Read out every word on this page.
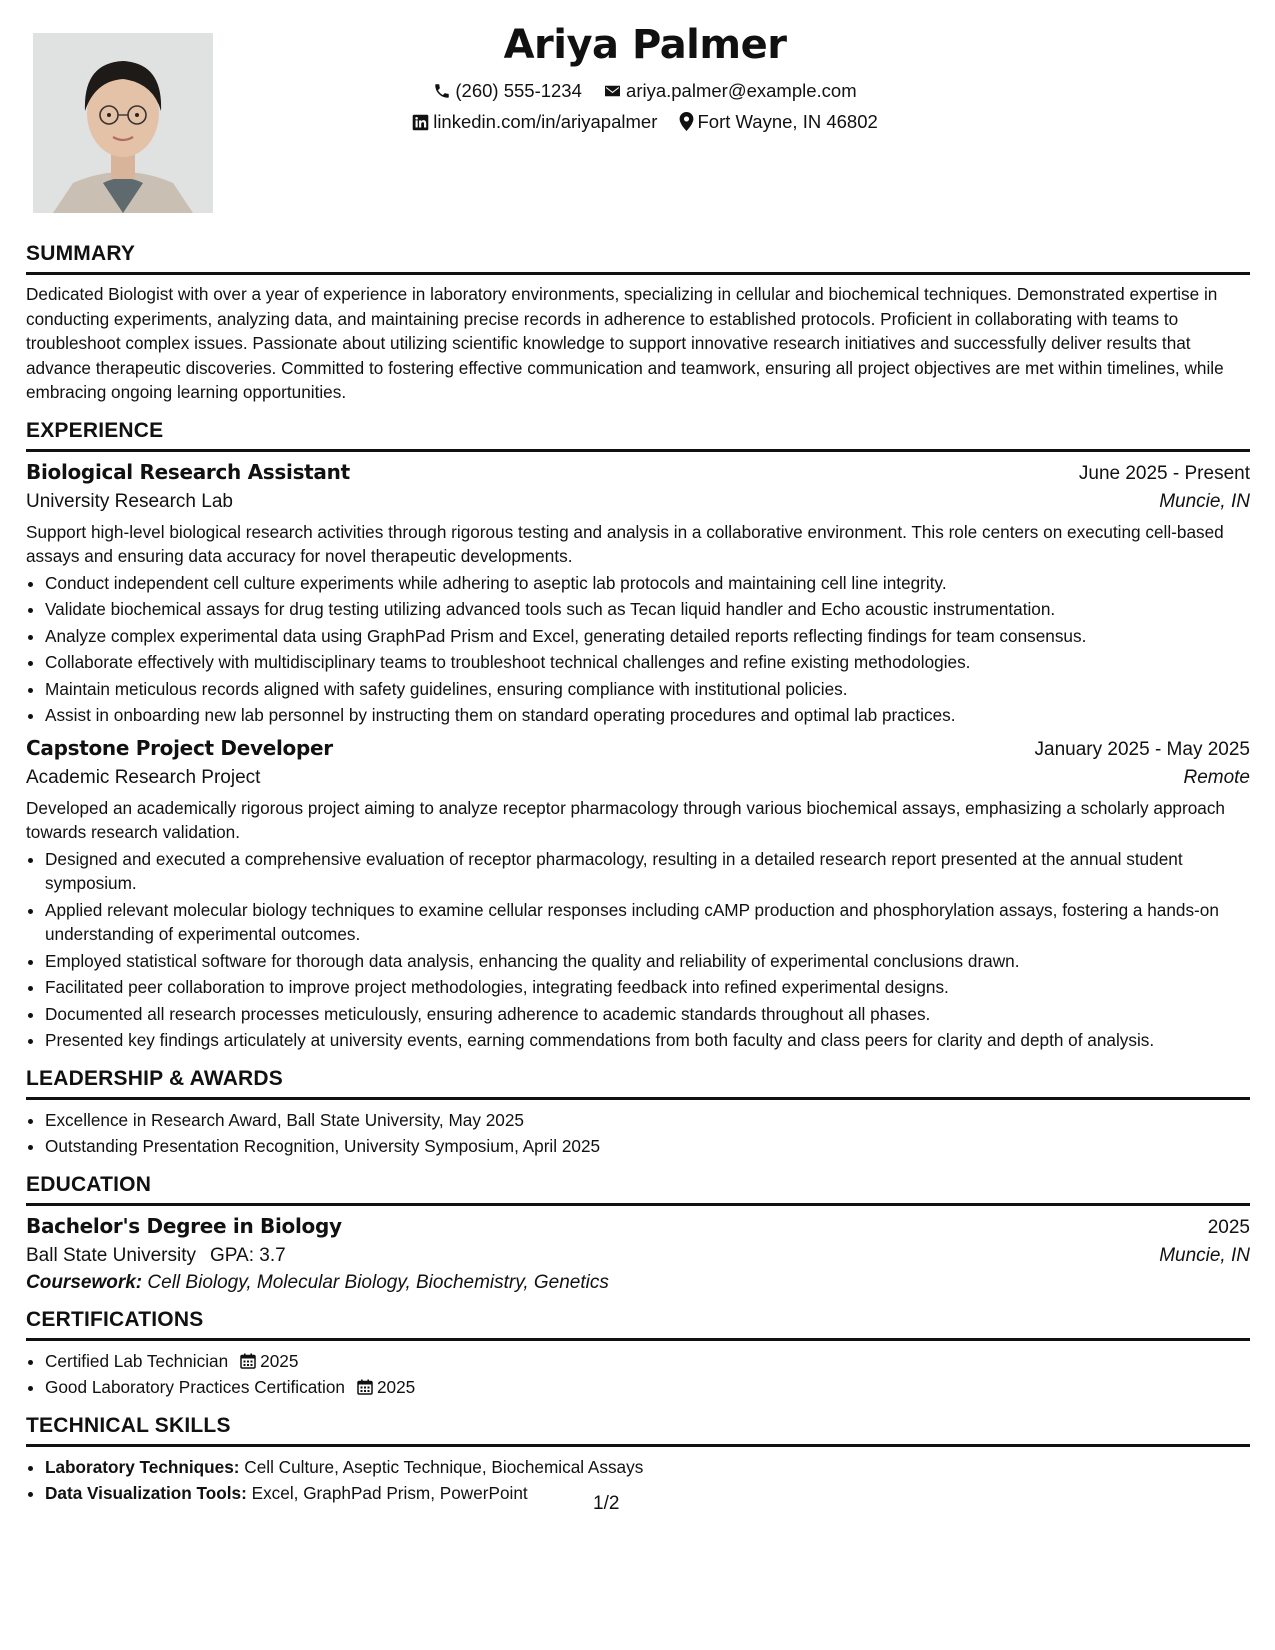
Ariya Palmer
(260) 555-1234 ariya.palmer@example.com
linkedin.com/in/ariyapalmer Fort Wayne, IN 46802
SUMMARY
Dedicated Biologist with over a year of experience in laboratory environments, specializing in cellular and biochemical techniques. Demonstrated expertise in conducting experiments, analyzing data, and maintaining precise records in adherence to established protocols. Proficient in collaborating with teams to troubleshoot complex issues. Passionate about utilizing scientific knowledge to support innovative research initiatives and successfully deliver results that advance therapeutic discoveries. Committed to fostering effective communication and teamwork, ensuring all project objectives are met within timelines, while embracing ongoing learning opportunities.
EXPERIENCE
Biological Research Assistant	June 2025 - Present
University Research Lab	Muncie, IN
Support high-level biological research activities through rigorous testing and analysis in a collaborative environment. This role centers on executing cell-based assays and ensuring data accuracy for novel therapeutic developments.
• Conduct independent cell culture experiments while adhering to aseptic lab protocols and maintaining cell line integrity.
• Validate biochemical assays for drug testing utilizing advanced tools such as Tecan liquid handler and Echo acoustic instrumentation.
• Analyze complex experimental data using GraphPad Prism and Excel, generating detailed reports reflecting findings for team consensus.
• Collaborate effectively with multidisciplinary teams to troubleshoot technical challenges and refine existing methodologies.
• Maintain meticulous records aligned with safety guidelines, ensuring compliance with institutional policies.
• Assist in onboarding new lab personnel by instructing them on standard operating procedures and optimal lab practices.
Capstone Project Developer	January 2025 - May 2025
Academic Research Project	Remote
Developed an academically rigorous project aiming to analyze receptor pharmacology through various biochemical assays, emphasizing a scholarly approach towards research validation.
• Designed and executed a comprehensive evaluation of receptor pharmacology, resulting in a detailed research report presented at the annual student symposium.
• Applied relevant molecular biology techniques to examine cellular responses including cAMP production and phosphorylation assays, fostering a hands-on understanding of experimental outcomes.
• Employed statistical software for thorough data analysis, enhancing the quality and reliability of experimental conclusions drawn.
• Facilitated peer collaboration to improve project methodologies, integrating feedback into refined experimental designs.
• Documented all research processes meticulously, ensuring adherence to academic standards throughout all phases.
• Presented key findings articulately at university events, earning commendations from both faculty and class peers for clarity and depth of analysis.
LEADERSHIP & AWARDS
• Excellence in Research Award, Ball State University, May 2025
• Outstanding Presentation Recognition, University Symposium, April 2025
EDUCATION
Bachelor's Degree in Biology	2025
Ball State University GPA: 3.7	Muncie, IN
Coursework: Cell Biology, Molecular Biology, Biochemistry, Genetics
CERTIFICATIONS
• Certified Lab Technician 2025
• Good Laboratory Practices Certification 2025
TECHNICAL SKILLS
• Laboratory Techniques: Cell Culture, Aseptic Technique, Biochemical Assays
• Data Visualization Tools: Excel, GraphPad Prism, PowerPoint	1/2
